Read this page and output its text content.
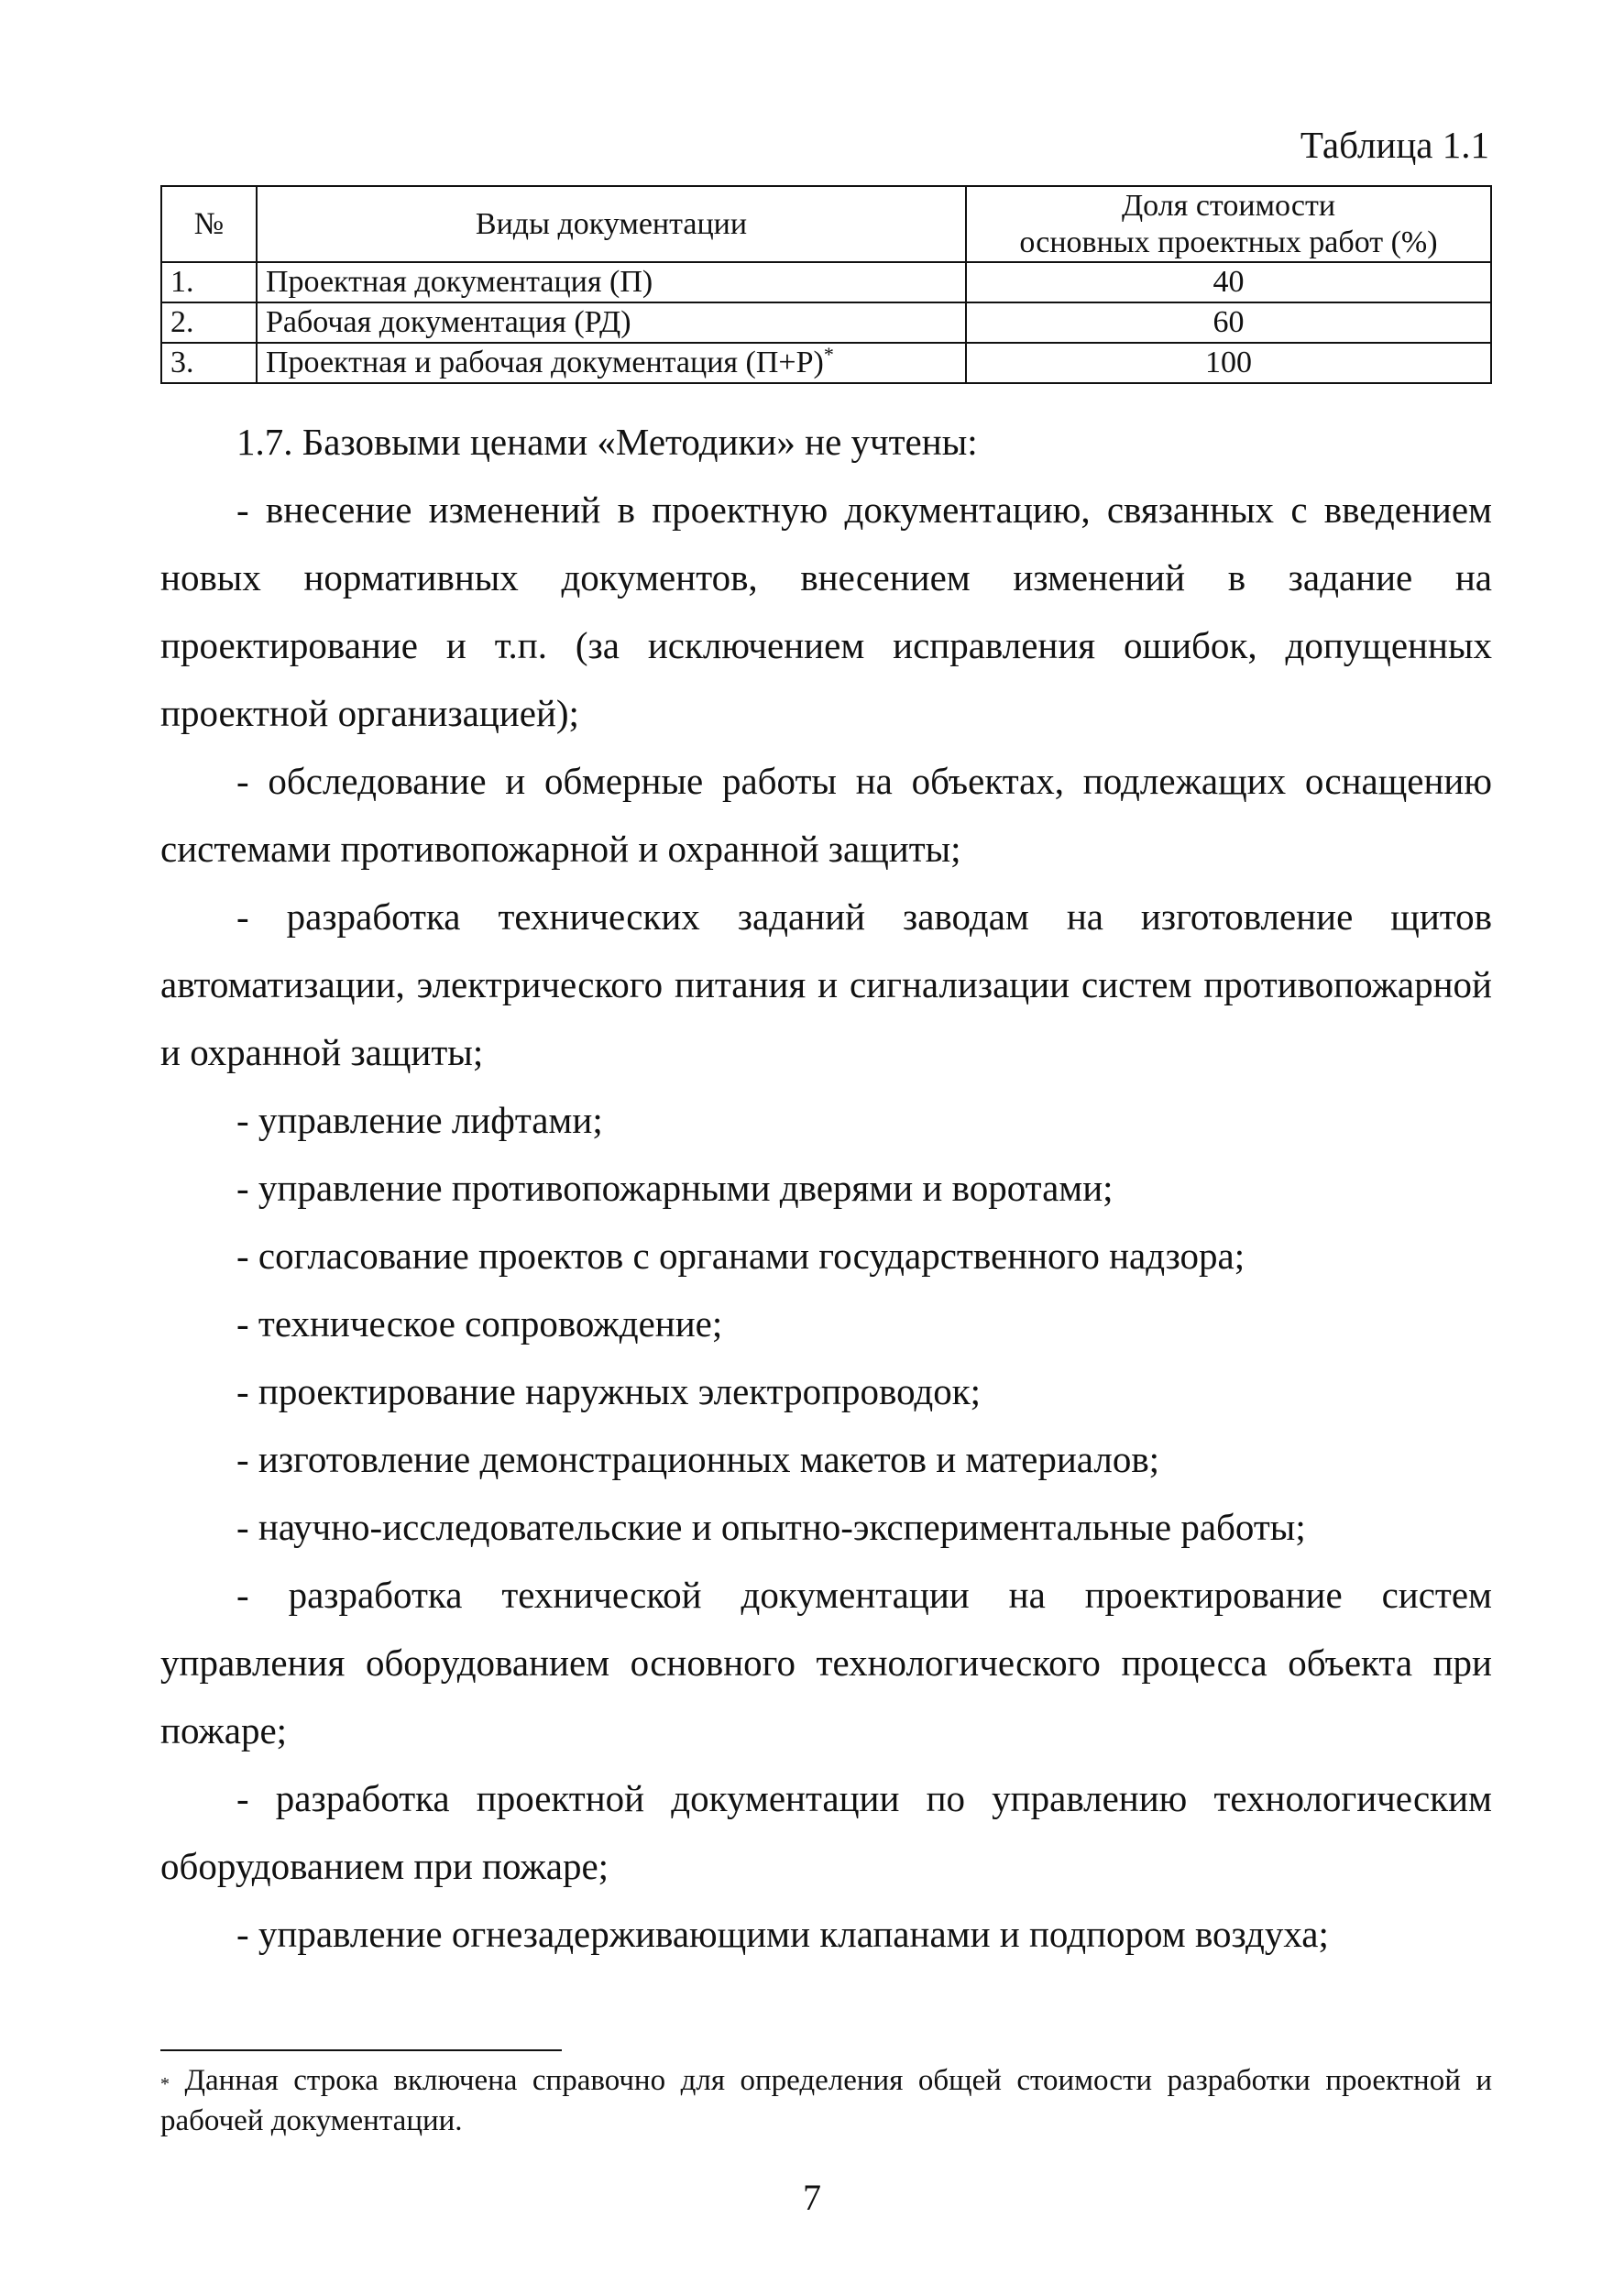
Таблица 1.1
№	Виды документации	Доля стоимости
основных проектных работ (%)

1.	Проектная документация (П)	40
2.	Рабочая документация (РД)	60
3.	Проектная и рабочая документация (П+Р)*	100

1.7. Базовыми ценами «Методики» не учтены:

- внесение изменений в проектную документацию, связанных с введением новых нормативных документов, внесением изменений в задание на проектирование и т.п. (за исключением исправления ошибок, допущенных проектной организацией);

- обследование и обмерные работы на объектах, подлежащих оснащению системами противопожарной и охранной защиты;

- разработка технических заданий заводам на изготовление щитов автоматизации, электрического питания и сигнализации систем противопожарной и охранной защиты;

- управление лифтами;

- управление противопожарными дверями и воротами;

- согласование проектов с органами государственного надзора;

- техническое сопровождение;

- проектирование наружных электропроводок;

- изготовление демонстрационных макетов и материалов;

- научно-исследовательские и опытно-экспериментальные работы;

- разработка технической документации на проектирование систем управления оборудованием основного технологического процесса объекта при пожаре;

- разработка проектной документации по управлению технологическим оборудованием при пожаре;

- управление огнезадерживающими клапанами и подпором воздуха;

* Данная строка включена справочно для определения общей стоимости разработки проектной и рабочей документации.
7
